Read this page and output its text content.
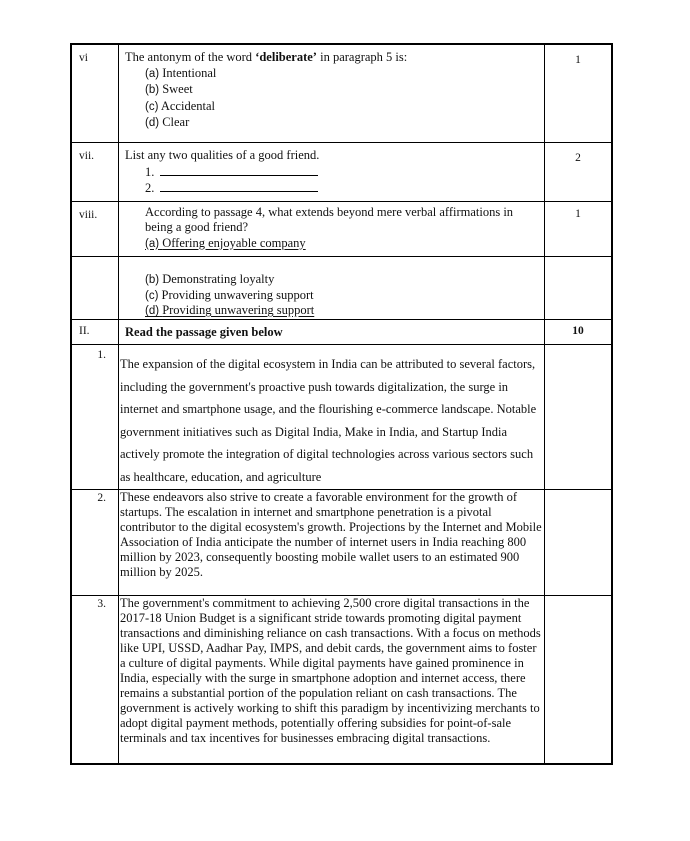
vi	The antonym of the word ‘deliberate’ in paragraph 5 is:
(a) Intentional
(b) Sweet
(c) Accidental
(d) Clear	1

vii.	List any two qualities of a good friend.
1.
2.	2

viii.	According to passage 4, what extends beyond mere verbal affirmations in being a good friend?
(a) Offering enjoyable company	1

	(b) Demonstrating loyalty
(c) Providing unwavering support
(d) Providing unwavering support	

II.	Read the passage given below	10

1.	The expansion of the digital ecosystem in India can be attributed to several factors, including the government's proactive push towards digitalization, the surge in internet and smartphone usage, and the flourishing e-commerce landscape. Notable government initiatives such as Digital India, Make in India, and Startup India actively promote the integration of digital technologies across various sectors such as healthcare, education, and agriculture	

2.	These endeavors also strive to create a favorable environment for the growth of startups. The escalation in internet and smartphone penetration is a pivotal contributor to the digital ecosystem's growth. Projections by the Internet and Mobile Association of India anticipate the number of internet users in India reaching 800 million by 2023, consequently boosting mobile wallet users to an estimated 900 million by 2025.	

3.	The government's commitment to achieving 2,500 crore digital transactions in the 2017-18 Union Budget is a significant stride towards promoting digital payment transactions and diminishing reliance on cash transactions. With a focus on methods like UPI, USSD, Aadhar Pay, IMPS, and debit cards, the government aims to foster a culture of digital payments. While digital payments have gained prominence in India, especially with the surge in smartphone adoption and internet access, there remains a substantial portion of the population reliant on cash transactions. The government is actively working to shift this paradigm by incentivizing merchants to adopt digital payment methods, potentially offering subsidies for point-of-sale terminals and tax incentives for businesses embracing digital transactions.	
